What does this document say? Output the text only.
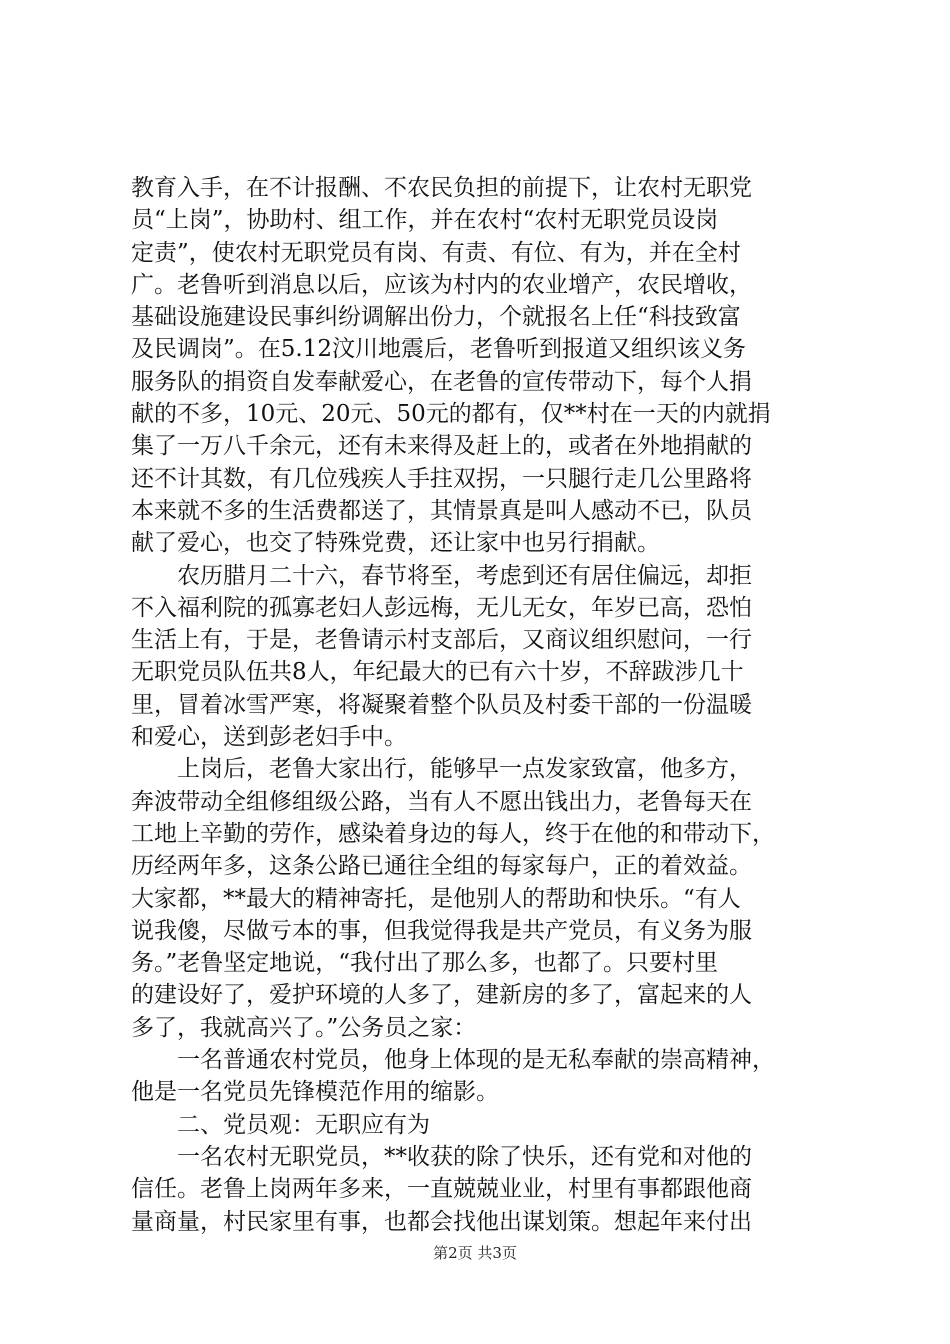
教育入手，在不计报酬、不农民负担的前提下，让农村无职党
员“上岗”，协助村、组工作，并在农村“农村无职党员设岗
定责”，使农村无职党员有岗、有责、有位、有为，并在全村
广。老鲁听到消息以后，应该为村内的农业增产，农民增收，
基础设施建设民事纠纷调解出份力，个就报名上任“科技致富
及民调岗”。在5.12汶川地震后，老鲁听到报道又组织该义务
服务队的捐资自发奉献爱心，在老鲁的宣传带动下，每个人捐
献的不多，10元、20元、50元的都有，仅**村在一天的内就捐
集了一万八千余元，还有未来得及赶上的，或者在外地捐献的
还不计其数，有几位残疾人手拄双拐，一只腿行走几公里路将
本来就不多的生活费都送了，其情景真是叫人感动不已，队员
献了爱心，也交了特殊党费，还让家中也另行捐献。
　　农历腊月二十六，春节将至，考虑到还有居住偏远，却拒
不入福利院的孤寡老妇人彭远梅，无儿无女，年岁已高，恐怕
生活上有，于是，老鲁请示村支部后，又商议组织慰问，一行
无职党员队伍共8人，年纪最大的已有六十岁，不辞跋涉几十
里，冒着冰雪严寒，将凝聚着整个队员及村委干部的一份温暖
和爱心，送到彭老妇手中。
　　上岗后，老鲁大家出行，能够早一点发家致富，他多方，
奔波带动全组修组级公路，当有人不愿出钱出力，老鲁每天在
工地上辛勤的劳作，感染着身边的每人，终于在他的和带动下，
历经两年多，这条公路已通往全组的每家每户，正的着效益。
大家都，**最大的精神寄托，是他别人的帮助和快乐。“有人
说我傻，尽做亏本的事，但我觉得我是共产党员，有义务为服
务。”老鲁坚定地说，“我付出了那么多，也都了。只要村里
的建设好了，爱护环境的人多了，建新房的多了，富起来的人
多了，我就高兴了。”公务员之家：
　　一名普通农村党员，他身上体现的是无私奉献的崇高精神，
他是一名党员先锋模范作用的缩影。
　　二、党员观：无职应有为
　　一名农村无职党员，**收获的除了快乐，还有党和对他的
信任。老鲁上岗两年多来，一直兢兢业业，村里有事都跟他商
量商量，村民家里有事，也都会找他出谋划策。想起年来付出
第2页 共3页
